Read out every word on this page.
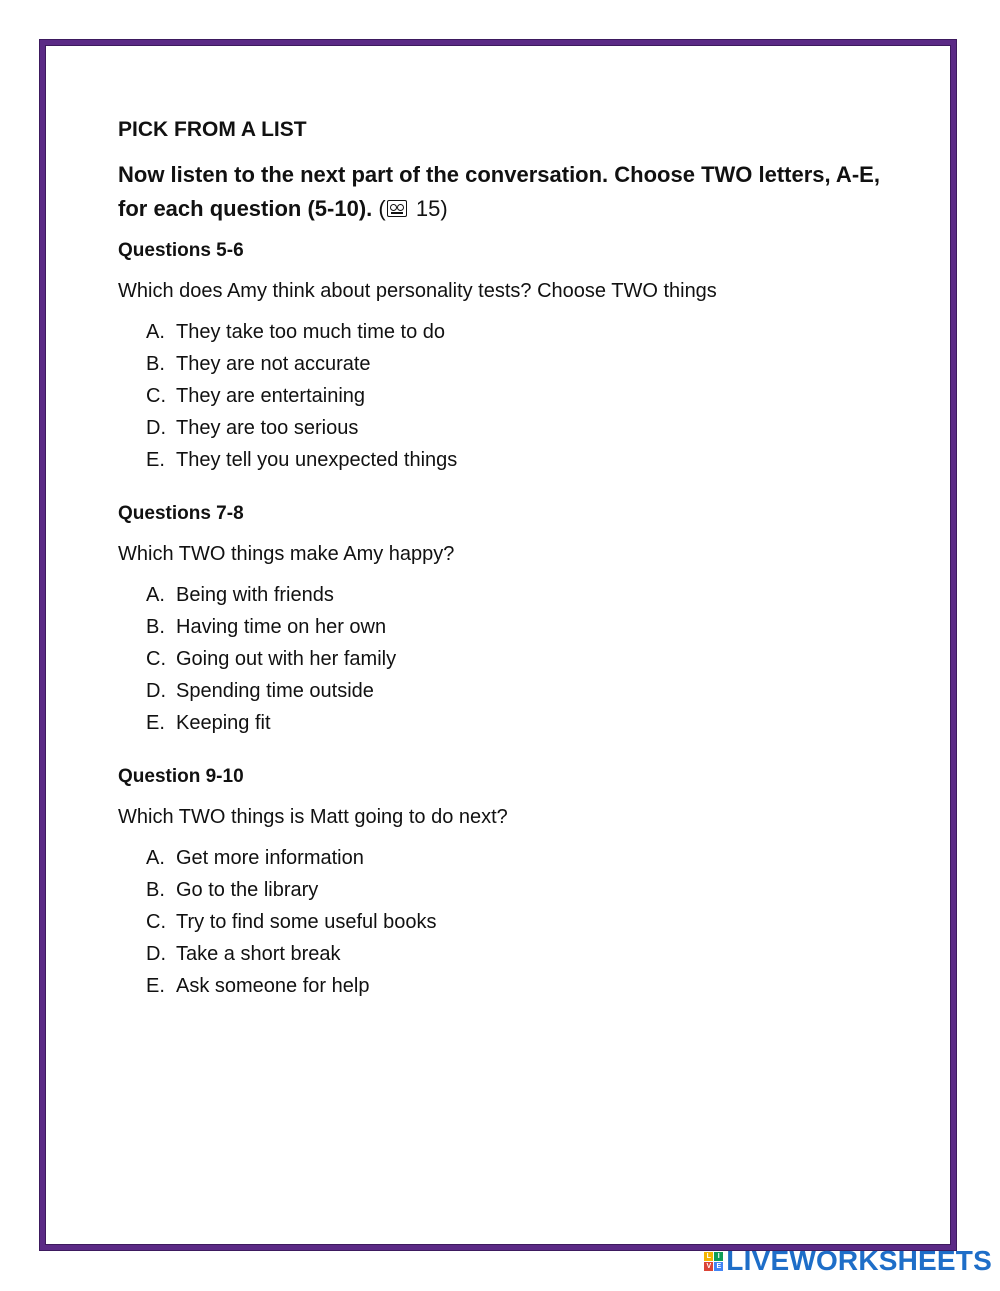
PICK FROM A LIST
Now listen to the next part of the conversation. Choose TWO letters, A-E, for each question (5-10). ( 15)
Questions 5-6
Which does Amy think about personality tests? Choose TWO things
A. They take too much time to do
B. They are not accurate
C. They are entertaining
D. They are too serious
E. They tell you unexpected things
Questions 7-8
Which TWO things make Amy happy?
A. Being with friends
B. Having time on her own
C. Going out with her family
D. Spending time outside
E. Keeping fit
Question 9-10
Which TWO things is Matt going to do next?
A. Get more information
B. Go to the library
C. Try to find some useful books
D. Take a short break
E. Ask someone for help
L I
V E LIVEWORKSHEETS
